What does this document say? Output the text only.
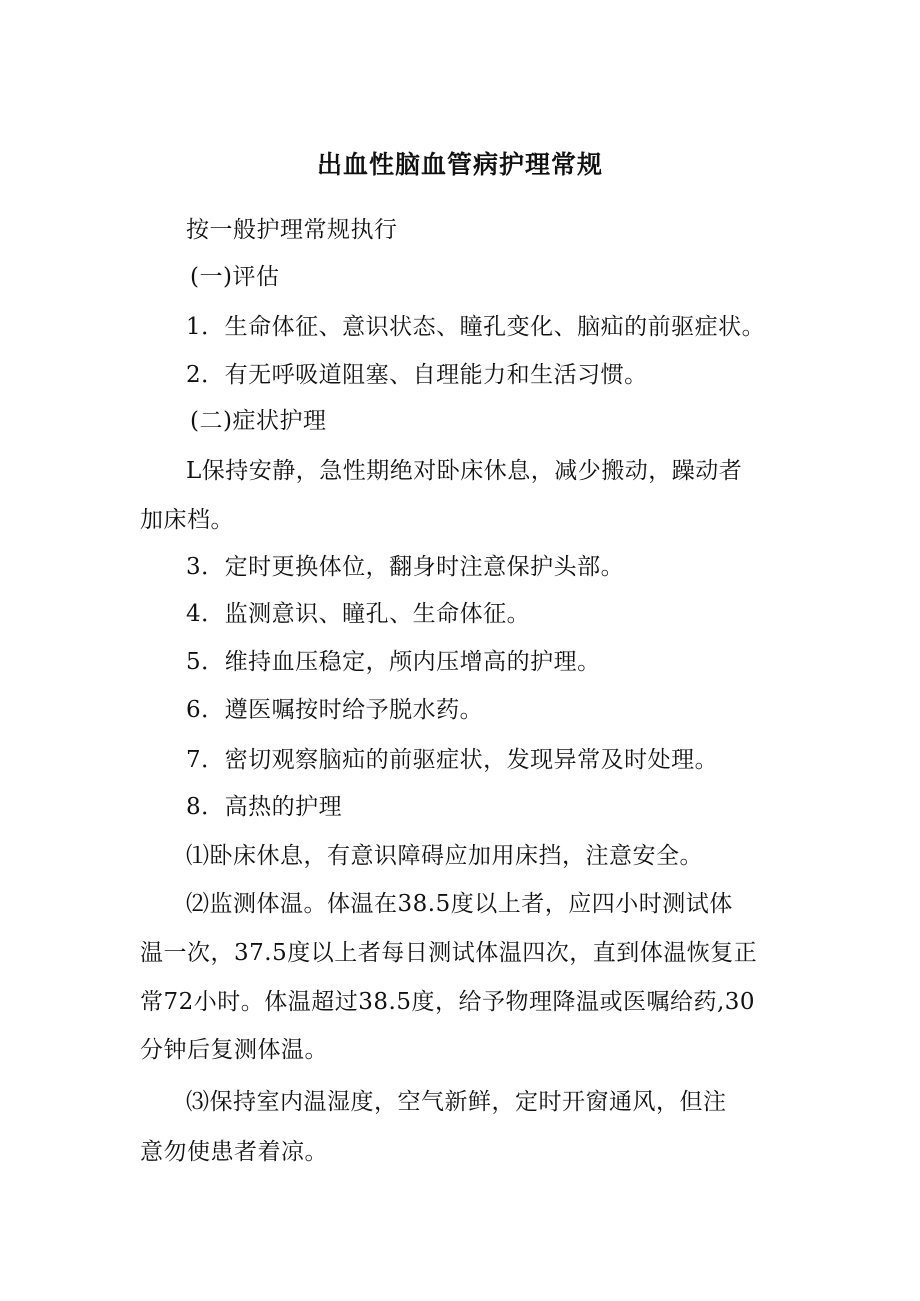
出血性脑血管病护理常规
按一般护理常规执行
(一)评估
1．生命体征、意识状态、瞳孔变化、脑疝的前驱症状。
2．有无呼吸道阻塞、自理能力和生活习惯。
(二)症状护理
L保持安静，急性期绝对卧床休息，减少搬动，躁动者
加床档。
3．定时更换体位，翻身时注意保护头部。
4．监测意识、瞳孔、生命体征。
5．维持血压稳定，颅内压增高的护理。
6．遵医嘱按时给予脱水药。
7．密切观察脑疝的前驱症状，发现异常及时处理。
8．高热的护理
⑴卧床休息，有意识障碍应加用床挡，注意安全。
⑵监测体温。体温在38.5度以上者，应四小时测试体
温一次，37.5度以上者每日测试体温四次，直到体温恢复正
常72小时。体温超过38.5度，给予物理降温或医嘱给药,30
分钟后复测体温。
⑶保持室内温湿度，空气新鲜，定时开窗通风，但注
意勿使患者着凉。
